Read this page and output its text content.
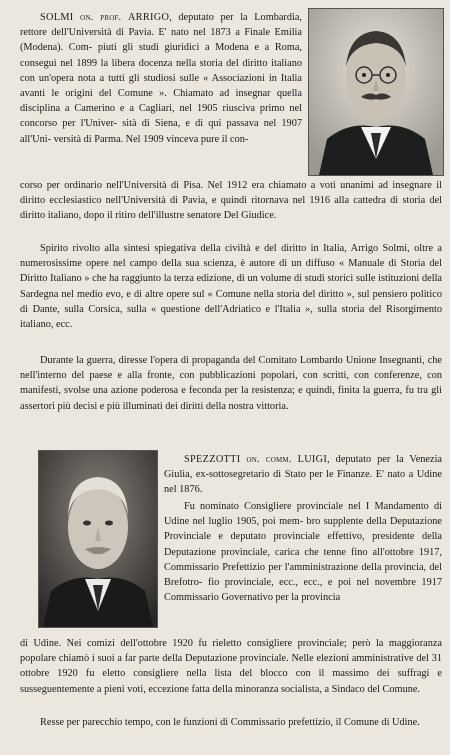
SOLMI on. prof. ARRIGO, deputato per la Lombardia, rettore dell'Università di Pavia. E' nato nel 1873 a Finale Emilia (Modena). Com- piuti gli studi giuridici a Modena e a Roma, conseguì nel 1899 la libera docenza nella storia del diritto italiano con un'opera nota a tutti gli studiosi sulle « Associazioni in Italia avanti le origini del Comune ». Chiamato ad insegnar quella disciplina a Camerino e a Cagliari, nel 1905 riusciva primo nel concorso per l'Univer- sità di Siena, e di qui passava nel 1907 all'Uni- versità di Parma. Nel 1909 vinceva pure il con-

corso per ordinario nell'Università di Pisa. Nel 1912 era chiamato a voti unanimi ad insegnare il diritto ecclesiastico nell'Università di Pavia, e quindi ritornava nel 1916 alla cattedra di storia del diritto italiano, dopo il ritiro dell'illustre senatore Del Giudice.

Spirito rivolto alla sintesi spiegativa della civiltà e del diritto in Italia, Arrigo Solmi, oltre a numerosissime opere nel campo della sua scienza, è autore di un diffuso « Manuale di Storia del Diritto Italiano » che ha raggiunto la terza edizione, di un volume di studi storici sulle istituzioni della Sardegna nel medio evo, e di altre opere sul « Comune nella storia del diritto », sul pensiero politico di Dante, sulla Corsica, sulla « questione dell'Adriatico e l'Italia », sulla storia del Risorgimento italiano, ecc.

Durante la guerra, diresse l'opera di propaganda del Comitato Lombardo Unione Insegnanti, che nell'interno del paese e alla fronte, con pubblicazioni popolari, con scritti, con conferenze, con manifesti, svolse una azione poderosa e feconda per la resistenza; e quindi, finita la guerra, fu tra gli assertori più decisi e più illuminati dei diritti della nostra vittoria.

SPEZZOTTI on. comm. LUIGI, deputato per la Venezia Giulia, ex-sottosegretario di Stato per le Finanze. E' nato a Udine nel 1876.

Fu nominato Consigliere provinciale nel I Mandamento di Udine nel luglio 1905, poi mem- bro supplente della Deputazione Provinciale e deputato provinciale effettivo, presidente della Deputazione provinciale, carica che tenne fino all'ottobre 1917, Commissario Prefettizio per l'amministrazione della provincia, del Brefotro- fio provinciale, ecc., ecc., e poi nel novembre 1917 Commissario Governativo per la provincia

di Udine. Nei comizi dell'ottobre 1920 fu rieletto consigliere provinciale; però la maggioranza popolare chiamò i suoi a far parte della Deputazione provinciale. Nelle elezioni amministrative del 31 ottobre 1920 fu eletto consigliere nella lista del blocco con il massimo dei suffragi e susseguentemente a pieni voti, eccezione fatta della minoranza socialista, a Sindaco del Comune.

Resse per parecchio tempo, con le funzioni di Commissario prefettizio, il Comune di Udine.
